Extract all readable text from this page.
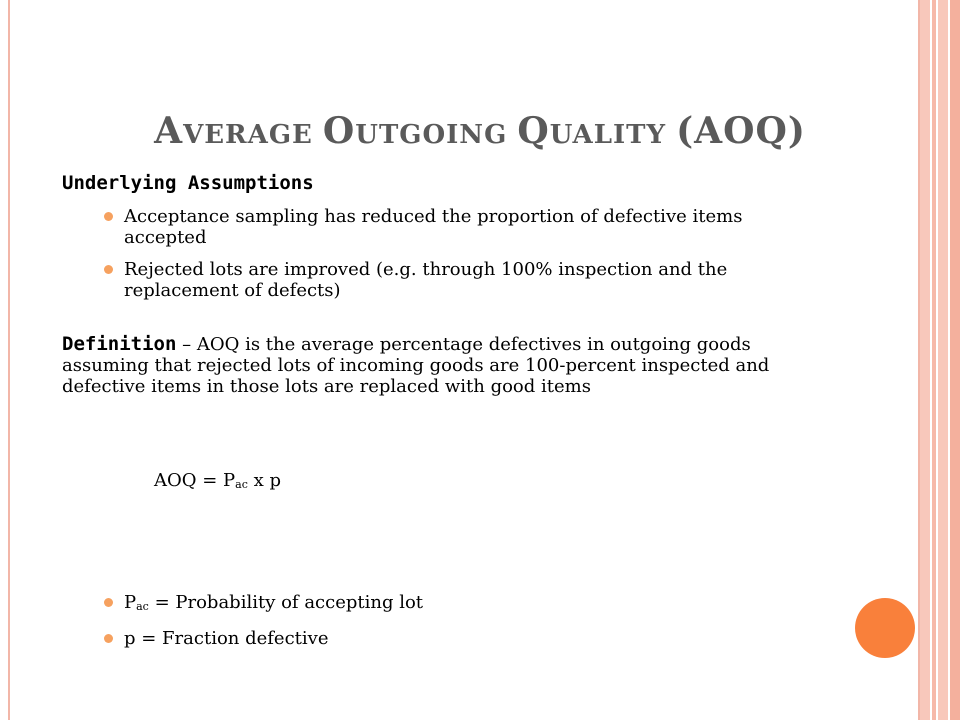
AVERAGE OUTGOING QUALITY (AOQ)
Underlying Assumptions
Acceptance sampling has reduced the proportion of defective items accepted
Rejected lots are improved (e.g. through 100% inspection and the replacement of defects)
Definition – AOQ is the average percentage defectives in outgoing goods assuming that rejected lots of incoming goods are 100-percent inspected and defective items in those lots are replaced with good items
AOQ = $P_{ac}$ x p
$P_{ac}$ = Probability of accepting lot
p = Fraction defective
